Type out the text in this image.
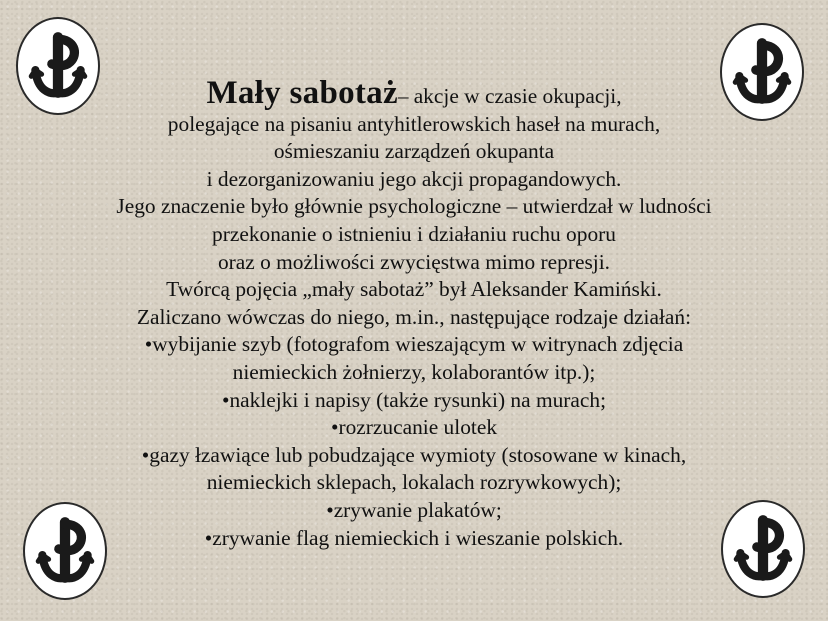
Mały sabotaż– akcje w czasie okupacji,
polegające na pisaniu antyhitlerowskich haseł na murach,
ośmieszaniu zarządzeń okupanta
i dezorganizowaniu jego akcji propagandowych.
Jego znaczenie było głównie psychologiczne – utwierdzał w ludności
przekonanie o istnieniu i działaniu ruchu oporu
oraz o możliwości zwycięstwa mimo represji.
Twórcą pojęcia „mały sabotaż” był Aleksander Kamiński.
Zaliczano wówczas do niego, m.in., następujące rodzaje działań:
•wybijanie szyb (fotografom wieszającym w witrynach zdjęcia
niemieckich żołnierzy, kolaborantów itp.);
•naklejki i napisy (także rysunki) na murach;
•rozrzucanie ulotek
•gazy łzawiące lub pobudzające wymioty (stosowane w kinach,
niemieckich sklepach, lokalach rozrywkowych);
•zrywanie plakatów;
•zrywanie flag niemieckich i wieszanie polskich.
